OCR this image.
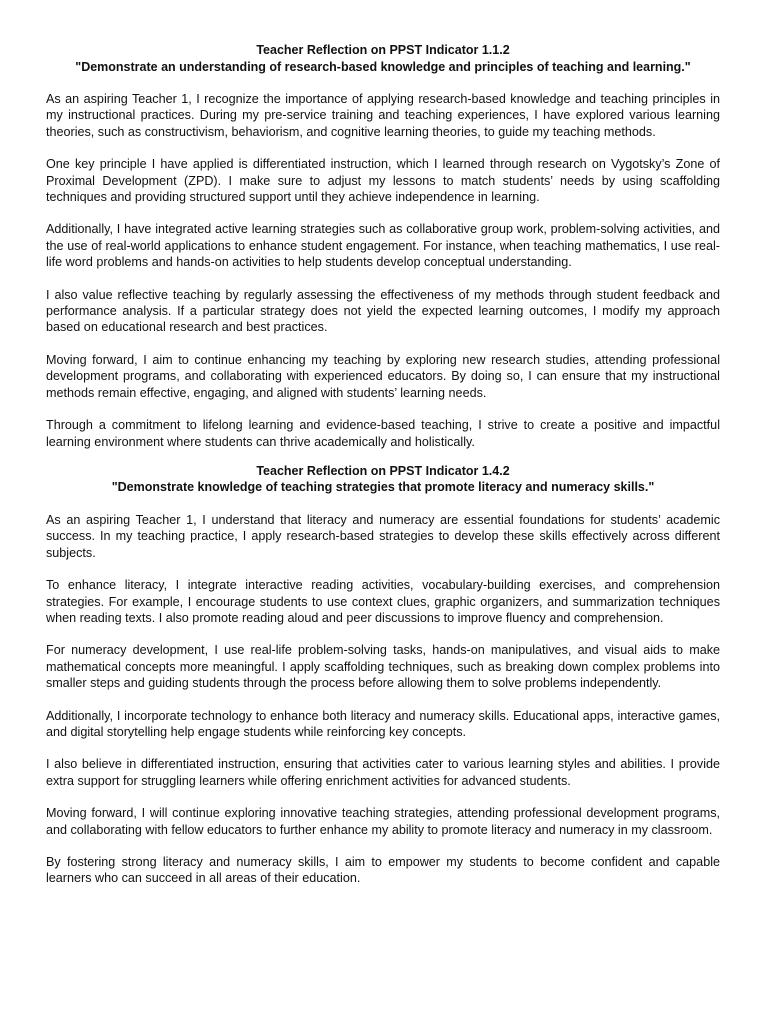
Teacher Reflection on PPST Indicator 1.1.2

"Demonstrate an understanding of research-based knowledge and principles of teaching and learning."

As an aspiring Teacher 1, I recognize the importance of applying research-based knowledge and teaching principles in my instructional practices. During my pre-service training and teaching experiences, I have explored various learning theories, such as constructivism, behaviorism, and cognitive learning theories, to guide my teaching methods.

One key principle I have applied is differentiated instruction, which I learned through research on Vygotsky’s Zone of Proximal Development (ZPD). I make sure to adjust my lessons to match students’ needs by using scaffolding techniques and providing structured support until they achieve independence in learning.

Additionally, I have integrated active learning strategies such as collaborative group work, problem-solving activities, and the use of real-world applications to enhance student engagement. For instance, when teaching mathematics, I use real-life word problems and hands-on activities to help students develop conceptual understanding.

I also value reflective teaching by regularly assessing the effectiveness of my methods through student feedback and performance analysis. If a particular strategy does not yield the expected learning outcomes, I modify my approach based on educational research and best practices.

Moving forward, I aim to continue enhancing my teaching by exploring new research studies, attending professional development programs, and collaborating with experienced educators. By doing so, I can ensure that my instructional methods remain effective, engaging, and aligned with students’ learning needs.

Through a commitment to lifelong learning and evidence-based teaching, I strive to create a positive and impactful learning environment where students can thrive academically and holistically.

Teacher Reflection on PPST Indicator 1.4.2

"Demonstrate knowledge of teaching strategies that promote literacy and numeracy skills."

As an aspiring Teacher 1, I understand that literacy and numeracy are essential foundations for students’ academic success. In my teaching practice, I apply research-based strategies to develop these skills effectively across different subjects.

To enhance literacy, I integrate interactive reading activities, vocabulary-building exercises, and comprehension strategies. For example, I encourage students to use context clues, graphic organizers, and summarization techniques when reading texts. I also promote reading aloud and peer discussions to improve fluency and comprehension.

For numeracy development, I use real-life problem-solving tasks, hands-on manipulatives, and visual aids to make mathematical concepts more meaningful. I apply scaffolding techniques, such as breaking down complex problems into smaller steps and guiding students through the process before allowing them to solve problems independently.

Additionally, I incorporate technology to enhance both literacy and numeracy skills. Educational apps, interactive games, and digital storytelling help engage students while reinforcing key concepts.

I also believe in differentiated instruction, ensuring that activities cater to various learning styles and abilities. I provide extra support for struggling learners while offering enrichment activities for advanced students.

Moving forward, I will continue exploring innovative teaching strategies, attending professional development programs, and collaborating with fellow educators to further enhance my ability to promote literacy and numeracy in my classroom.

By fostering strong literacy and numeracy skills, I aim to empower my students to become confident and capable learners who can succeed in all areas of their education.
